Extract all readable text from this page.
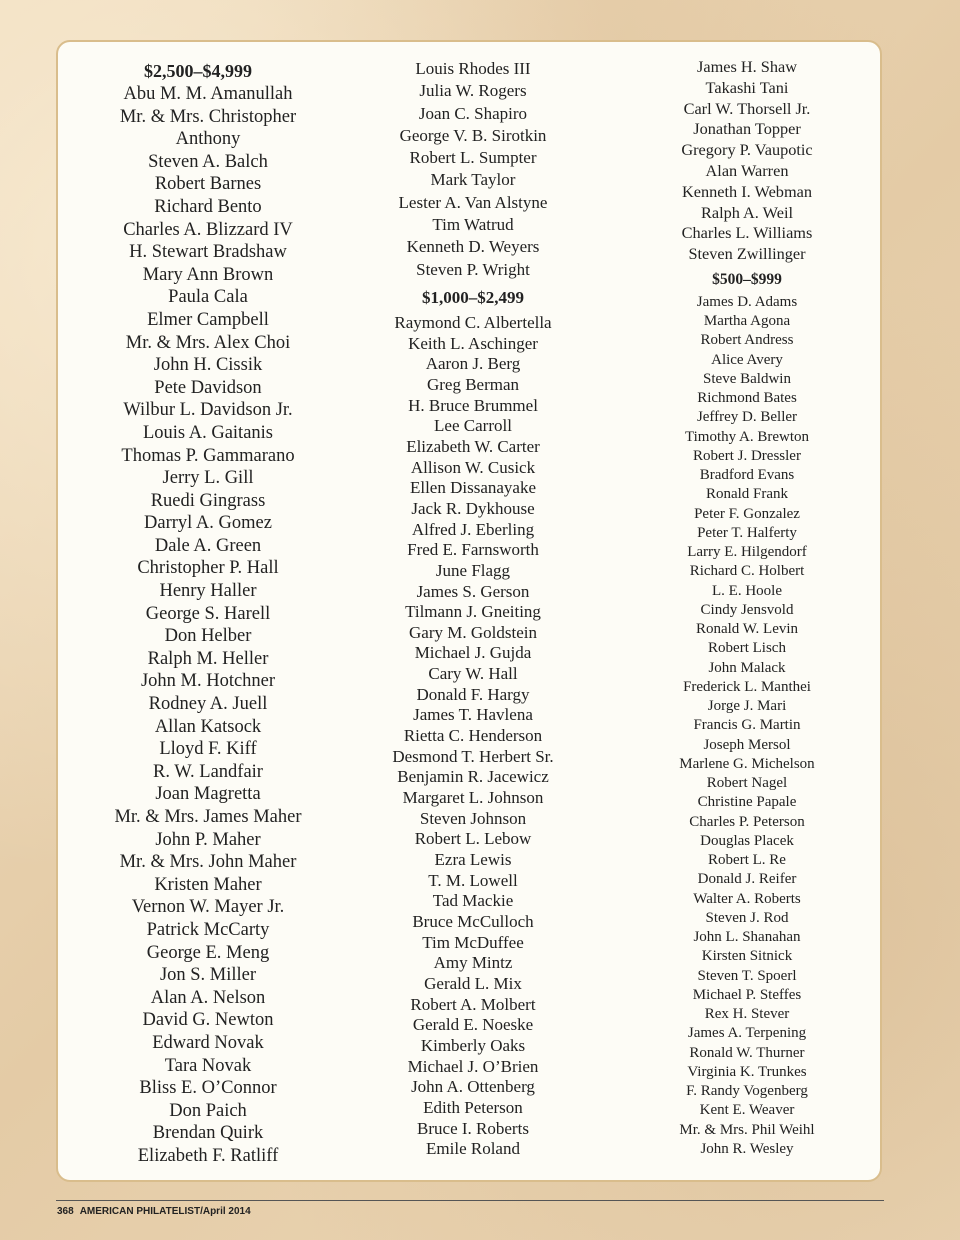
$2,500–$4,999
Abu M. M. Amanullah
Mr. & Mrs. Christopher
Anthony
Steven A. Balch
Robert Barnes
Richard Bento
Charles A. Blizzard IV
H. Stewart Bradshaw
Mary Ann Brown
Paula Cala
Elmer Campbell
Mr. & Mrs. Alex Choi
John H. Cissik
Pete Davidson
Wilbur L. Davidson Jr.
Louis A. Gaitanis
Thomas P. Gammarano
Jerry L. Gill
Ruedi Gingrass
Darryl A. Gomez
Dale A. Green
Christopher P. Hall
Henry Haller
George S. Harell
Don Helber
Ralph M. Heller
John M. Hotchner
Rodney A. Juell
Allan Katsock
Lloyd F. Kiff
R. W. Landfair
Joan Magretta
Mr. & Mrs. James Maher
John P. Maher
Mr. & Mrs. John Maher
Kristen Maher
Vernon W. Mayer Jr.
Patrick McCarty
George E. Meng
Jon S. Miller
Alan A. Nelson
David G. Newton
Edward Novak
Tara Novak
Bliss E. O’Connor
Don Paich
Brendan Quirk
Elizabeth F. Ratliff
Louis Rhodes III
Julia W. Rogers
Joan C. Shapiro
George V. B. Sirotkin
Robert L. Sumpter
Mark Taylor
Lester A. Van Alstyne
Tim Watrud
Kenneth D. Weyers
Steven P. Wright
$1,000–$2,499
Raymond C. Albertella
Keith L. Aschinger
Aaron J. Berg
Greg Berman
H. Bruce Brummel
Lee Carroll
Elizabeth W. Carter
Allison W. Cusick
Ellen Dissanayake
Jack R. Dykhouse
Alfred J. Eberling
Fred E. Farnsworth
June Flagg
James S. Gerson
Tilmann J. Gneiting
Gary M. Goldstein
Michael J. Gujda
Cary W. Hall
Donald F. Hargy
James T. Havlena
Rietta C. Henderson
Desmond T. Herbert Sr.
Benjamin R. Jacewicz
Margaret L. Johnson
Steven Johnson
Robert L. Lebow
Ezra Lewis
T. M. Lowell
Tad Mackie
Bruce McCulloch
Tim McDuffee
Amy Mintz
Gerald L. Mix
Robert A. Molbert
Gerald E. Noeske
Kimberly Oaks
Michael J. O’Brien
John A. Ottenberg
Edith Peterson
Bruce I. Roberts
Emile Roland
James H. Shaw
Takashi Tani
Carl W. Thorsell Jr.
Jonathan Topper
Gregory P. Vaupotic
Alan Warren
Kenneth I. Webman
Ralph A. Weil
Charles L. Williams
Steven Zwillinger
$500–$999
James D. Adams
Martha Agona
Robert Andress
Alice Avery
Steve Baldwin
Richmond Bates
Jeffrey D. Beller
Timothy A. Brewton
Robert J. Dressler
Bradford Evans
Ronald Frank
Peter F. Gonzalez
Peter T. Halferty
Larry E. Hilgendorf
Richard C. Holbert
L. E. Hoole
Cindy Jensvold
Ronald W. Levin
Robert Lisch
John Malack
Frederick L. Manthei
Jorge J. Mari
Francis G. Martin
Joseph Mersol
Marlene G. Michelson
Robert Nagel
Christine Papale
Charles P. Peterson
Douglas Placek
Robert L. Re
Donald J. Reifer
Walter A. Roberts
Steven J. Rod
John L. Shanahan
Kirsten Sitnick
Steven T. Spoerl
Michael P. Steffes
Rex H. Stever
James A. Terpening
Ronald W. Thurner
Virginia K. Trunkes
F. Randy Vogenberg
Kent E. Weaver
Mr. & Mrs. Phil Weihl
John R. Wesley
368 AMERICAN PHILATELIST/April 2014
